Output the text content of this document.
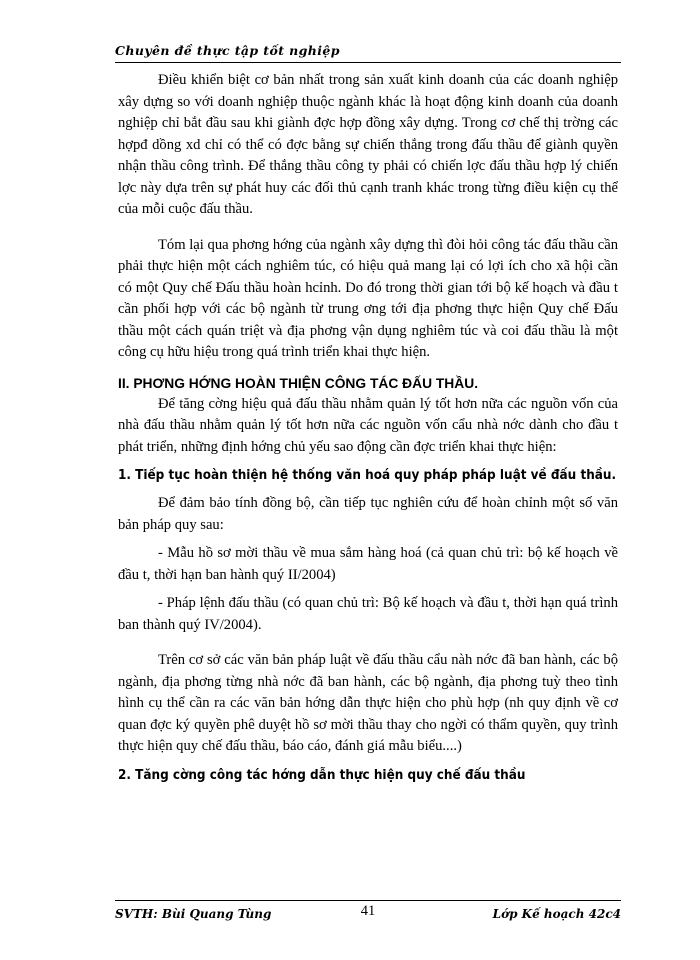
Chuyên đề thực tập tốt nghiệp

Điều khiển biệt cơ bản nhất trong sản xuất kinh doanh của các doanh nghiệp xây dựng so với doanh nghiệp thuộc ngành khác là hoạt động kinh doanh của doanh nghiệp chỉ bắt đầu sau khi giành đợc hợp đồng xây dựng. Trong cơ chế thị trờng các hợpđ dồng xd chỉ có thể có đợc bằng sự chiến thắng trong đấu thầu để giành quyền nhận thầu công trình. Để thắng thầu công ty phải có chiến lợc đấu thầu hợp lý chiến lợc này dựa trên sự phát huy các đối thủ cạnh tranh khác trong từng điều kiện cụ thể của mỗi cuộc đấu thầu.

Tóm lại qua phơng hớng của ngành xây dựng thì đòi hỏi công tác đấu thầu cần phải thực hiện một cách nghiêm túc, có hiệu quả mang lại có lợi ích cho xã hội cần có một Quy chế Đấu thầu hoàn hcỉnh. Do đó trong thời gian tới bộ kế hoạch và đầu t cần phối hợp với các bộ ngành từ trung ơng tới địa phơng thực hiện Quy chế Đấu thầu một cách quán triệt và địa phơng vận dụng nghiêm túc và coi đấu thầu là một công cụ hữu hiệu trong quá trình triển khai thực hiện.

II. PHƠNG HỚNG HOÀN THIỆN CÔNG TÁC ĐẤU THẦU.

Để tăng cờng hiệu quả đấu thầu nhằm quản lý tốt hơn nữa các nguồn vốn của nhà đấu thầu nhằm quản lý tốt hơn nữa các nguồn vốn cẩu nhà nớc dành cho đầu t phát triển, những định hớng chủ yếu sao động cần đợc triển khai thực hiện:

1. Tiếp tục hoàn thiện hệ thống văn hoá quy pháp pháp luật về đấu thầu.

Để đảm bảo tính đồng bộ, cần tiếp tục nghiên cứu để hoàn chỉnh một số văn bản pháp quy sau:

- Mẫu hồ sơ mời thầu về mua sắm hàng hoá (cả quan chủ trì: bộ kế hoạch về đầu t, thời hạn ban hành quý II/2004)

- Pháp lệnh đấu thầu (có quan chủ trì: Bộ kế hoạch và đầu t, thời hạn quá trình ban thành quý IV/2004).

Trên cơ sở các văn bản pháp luật về đấu thầu cẩu nàh nớc đã ban hành, các bộ ngành, địa phơng từng nhà nớc đã ban hành, các bộ ngành, địa phơng tuỳ theo tình hình cụ thể cần ra các văn bản hớng dẫn thực hiện cho phù hợp (nh quy định về cơ quan đợc ký quyền phê duyệt hồ sơ mời thầu thay cho ngời có thẩm quyền, quy trình thực hiện quy chế đấu thầu, báo cáo, đánh giá mẫu biểu....)

2. Tăng cờng công tác hớng dẫn thực hiện quy chế đấu thầu
SVTH: Bùi Quang Tùng	41	Lớp Kế hoạch 42c4
